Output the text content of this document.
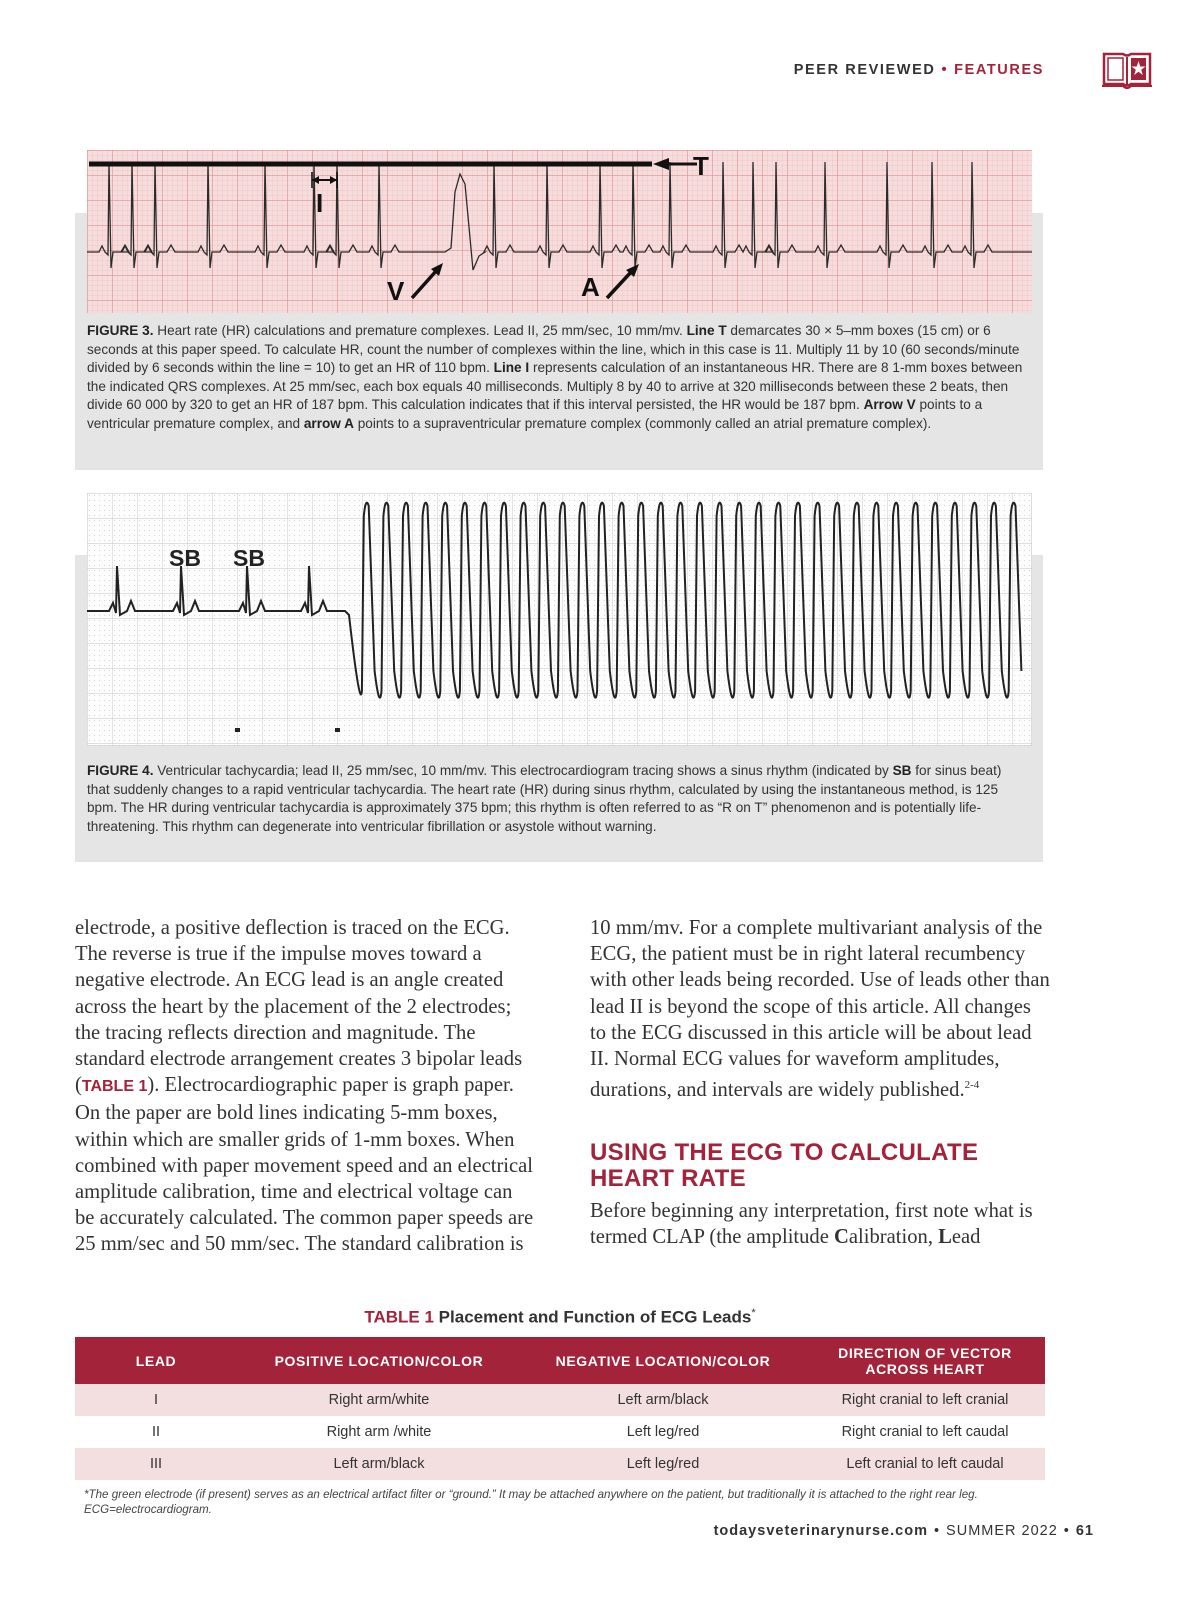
PEER REVIEWED • FEATURES
T
I
V	A
FIGURE 3. Heart rate (HR) calculations and premature complexes. Lead II, 25 mm/sec, 10 mm/mv. Line T demarcates 30 × 5–mm boxes (15 cm) or 6 seconds at this paper speed. To calculate HR, count the number of complexes within the line, which in this case is 11. Multiply 11 by 10 (60 seconds/minute divided by 6 seconds within the line = 10) to get an HR of 110 bpm. Line I represents calculation of an instantaneous HR. There are 8 1-mm boxes between the indicated QRS complexes. At 25 mm/sec, each box equals 40 milliseconds. Multiply 8 by 40 to arrive at 320 milliseconds between these 2 beats, then divide 60 000 by 320 to get an HR of 187 bpm. This calculation indicates that if this interval persisted, the HR would be 187 bpm. Arrow V points to a ventricular premature complex, and arrow A points to a supraventricular premature complex (commonly called an atrial premature complex).
SB SB
FIGURE 4. Ventricular tachycardia; lead II, 25 mm/sec, 10 mm/mv. This electrocardiogram tracing shows a sinus rhythm (indicated by SB for sinus beat) that suddenly changes to a rapid ventricular tachycardia. The heart rate (HR) during sinus rhythm, calculated by using the instantaneous method, is 125 bpm. The HR during ventricular tachycardia is approximately 375 bpm; this rhythm is often referred to as “R on T” phenomenon and is potentially life-threatening. This rhythm can degenerate into ventricular fibrillation or asystole without warning.
electrode, a positive deflection is traced on the ECG. The reverse is true if the impulse moves toward a negative electrode. An ECG lead is an angle created across the heart by the placement of the 2 electrodes; the tracing reflects direction and magnitude. The standard electrode arrangement creates 3 bipolar leads (TABLE 1). Electrocardiographic paper is graph paper. On the paper are bold lines indicating 5-mm boxes, within which are smaller grids of 1-mm boxes. When combined with paper movement speed and an electrical amplitude calibration, time and electrical voltage can be accurately calculated. The common paper speeds are 25 mm/sec and 50 mm/sec. The standard calibration is
10 mm/mv. For a complete multivariant analysis of the ECG, the patient must be in right lateral recumbency with other leads being recorded. Use of leads other than lead II is beyond the scope of this article. All changes to the ECG discussed in this article will be about lead II. Normal ECG values for waveform amplitudes, durations, and intervals are widely published.$^{2-4}$
USING THE ECG TO CALCULATE HEART RATE
Before beginning any interpretation, first note what is termed CLAP (the amplitude Calibration, Lead
TABLE 1 Placement and Function of ECG Leads*
LEAD	POSITIVE LOCATION/COLOR	NEGATIVE LOCATION/COLOR	DIRECTION OF VECTOR ACROSS HEART
I	Right arm/white	Left arm/black	Right cranial to left cranial
II	Right arm /white	Left leg/red	Right cranial to left caudal
III	Left arm/black	Left leg/red	Left cranial to left caudal
*The green electrode (if present) serves as an electrical artifact filter or “ground.” It may be attached anywhere on the patient, but traditionally it is attached to the right rear leg. ECG=electrocardiogram.
todaysveterinarynurse.com • SUMMER 2022 • 61
